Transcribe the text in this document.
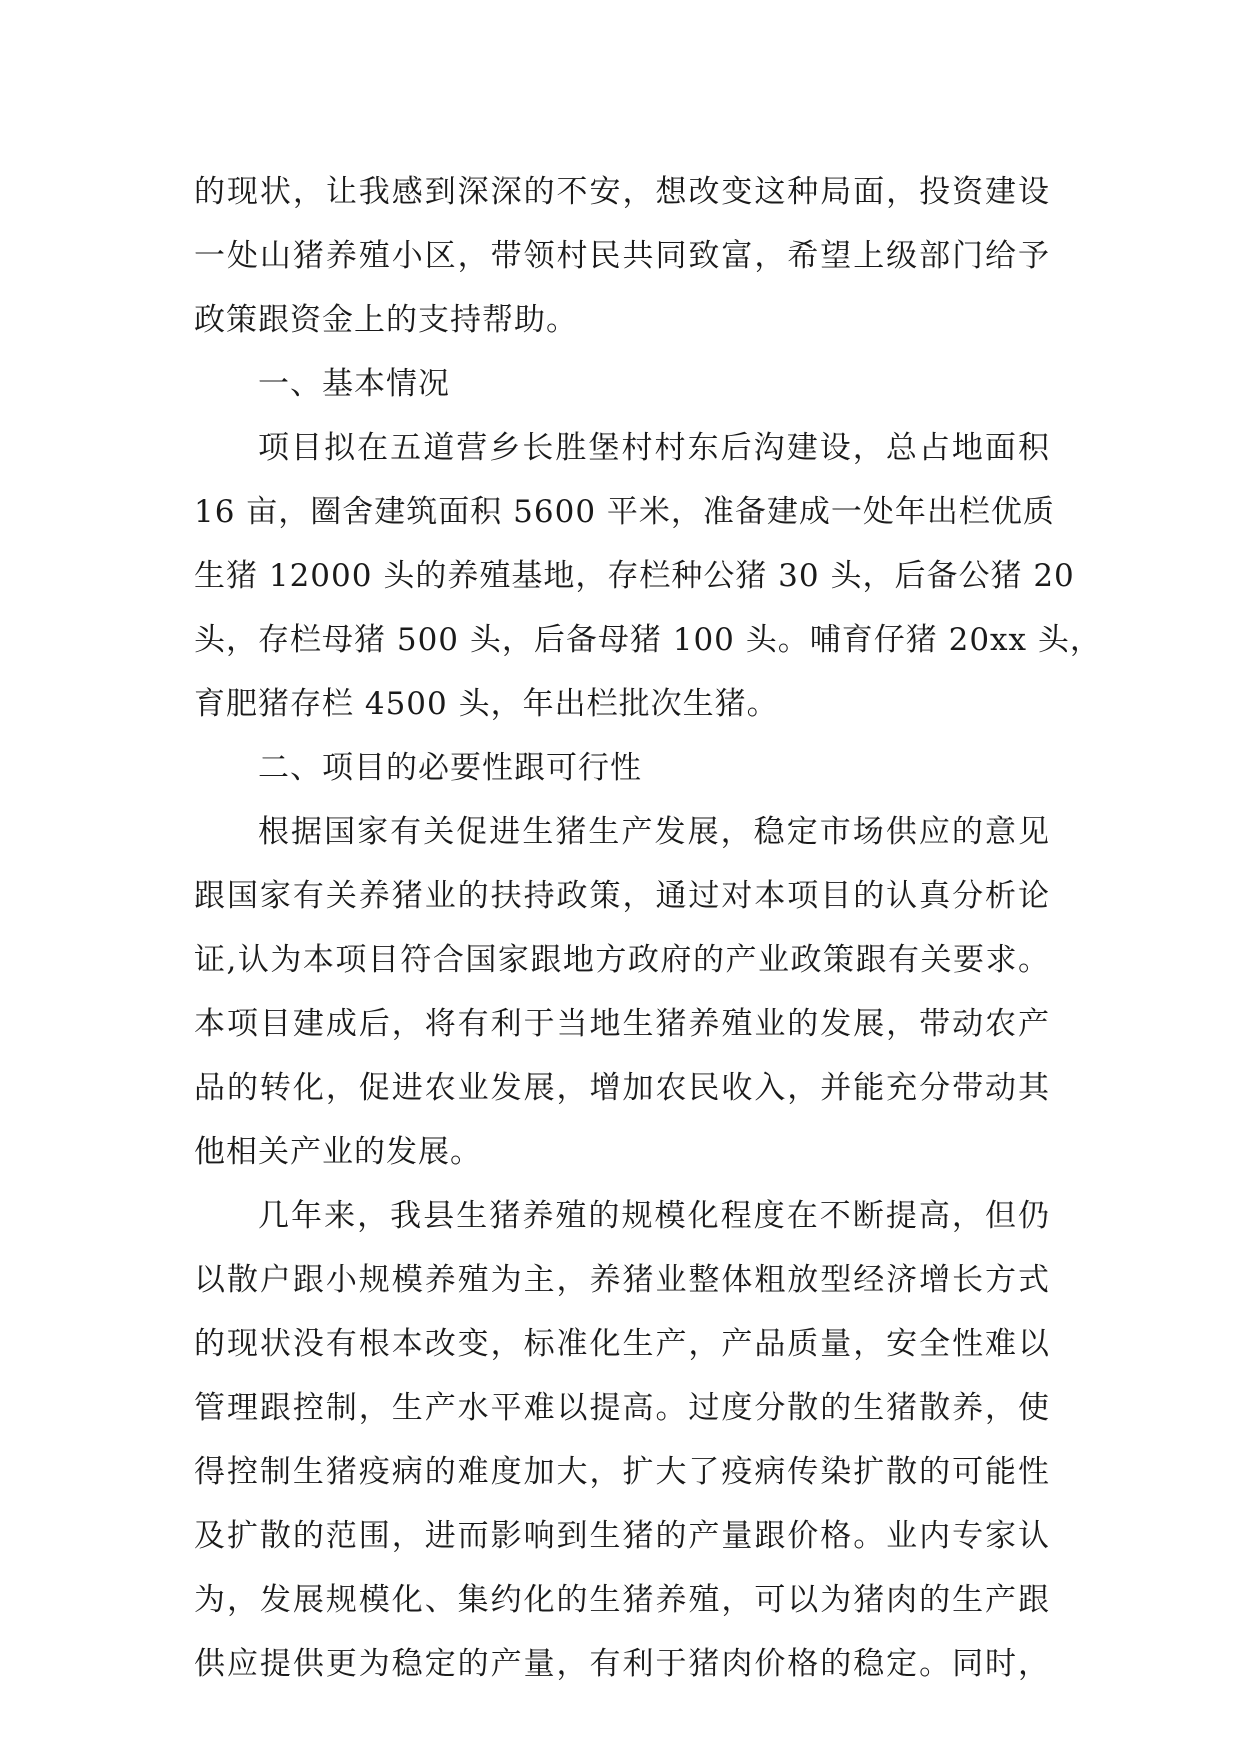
的现状，让我感到深深的不安，想改变这种局面，投资建设
一处山猪养殖小区，带领村民共同致富，希望上级部门给予
政策跟资金上的支持帮助。
一、基本情况
项目拟在五道营乡长胜堡村村东后沟建设，总占地面积
16 亩，圈舍建筑面积 5600 平米，准备建成一处年出栏优质
生猪 12000 头的养殖基地，存栏种公猪 30 头，后备公猪 20
头，存栏母猪 500 头，后备母猪 100 头。哺育仔猪 20xx 头，
育肥猪存栏 4500 头，年出栏批次生猪。
二、项目的必要性跟可行性
根据国家有关促进生猪生产发展，稳定市场供应的意见
跟国家有关养猪业的扶持政策，通过对本项目的认真分析论
证,认为本项目符合国家跟地方政府的产业政策跟有关要求。
本项目建成后，将有利于当地生猪养殖业的发展，带动农产
品的转化，促进农业发展，增加农民收入，并能充分带动其
他相关产业的发展。
几年来，我县生猪养殖的规模化程度在不断提高，但仍
以散户跟小规模养殖为主，养猪业整体粗放型经济增长方式
的现状没有根本改变，标准化生产，产品质量，安全性难以
管理跟控制，生产水平难以提高。过度分散的生猪散养，使
得控制生猪疫病的难度加大，扩大了疫病传染扩散的可能性
及扩散的范围，进而影响到生猪的产量跟价格。业内专家认
为，发展规模化、集约化的生猪养殖，可以为猪肉的生产跟
供应提供更为稳定的产量，有利于猪肉价格的稳定。同时，
